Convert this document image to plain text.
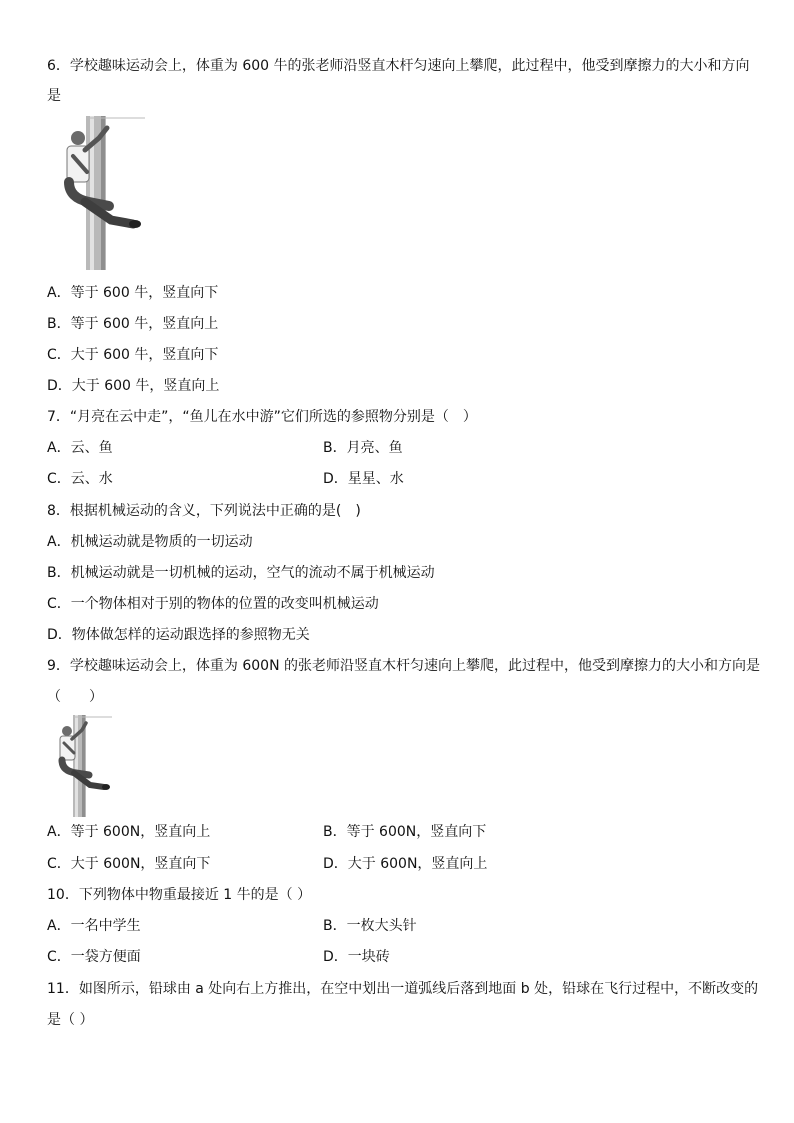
6．学校趣味运动会上，体重为 600 牛的张老师沿竖直木杆匀速向上攀爬，此过程中，他受到摩擦力的大小和方向
是
A．等于 600 牛，竖直向下
B．等于 600 牛，竖直向上
C．大于 600 牛，竖直向下
D．大于 600 牛，竖直向上
7．“月亮在云中走”，“鱼儿在水中游”它们所选的参照物分别是（　）
A．云、鱼	B．月亮、鱼
C．云、水	D．星星、水
8．根据机械运动的含义，下列说法中正确的是(　)
A．机械运动就是物质的一切运动
B．机械运动就是一切机械的运动，空气的流动不属于机械运动
C．一个物体相对于别的物体的位置的改变叫机械运动
D．物体做怎样的运动跟选择的参照物无关
9．学校趣味运动会上，体重为 600N 的张老师沿竖直木杆匀速向上攀爬，此过程中，他受到摩擦力的大小和方向是
（　　）
A．等于 600N，竖直向上	B．等于 600N，竖直向下
C．大于 600N，竖直向下	D．大于 600N，竖直向上
10．下列物体中物重最接近 1 牛的是（ ）
A．一名中学生	B．一枚大头针
C．一袋方便面	D．一块砖
11．如图所示，铅球由 a 处向右上方推出，在空中划出一道弧线后落到地面 b 处，铅球在飞行过程中，不断改变的
是（ ）
